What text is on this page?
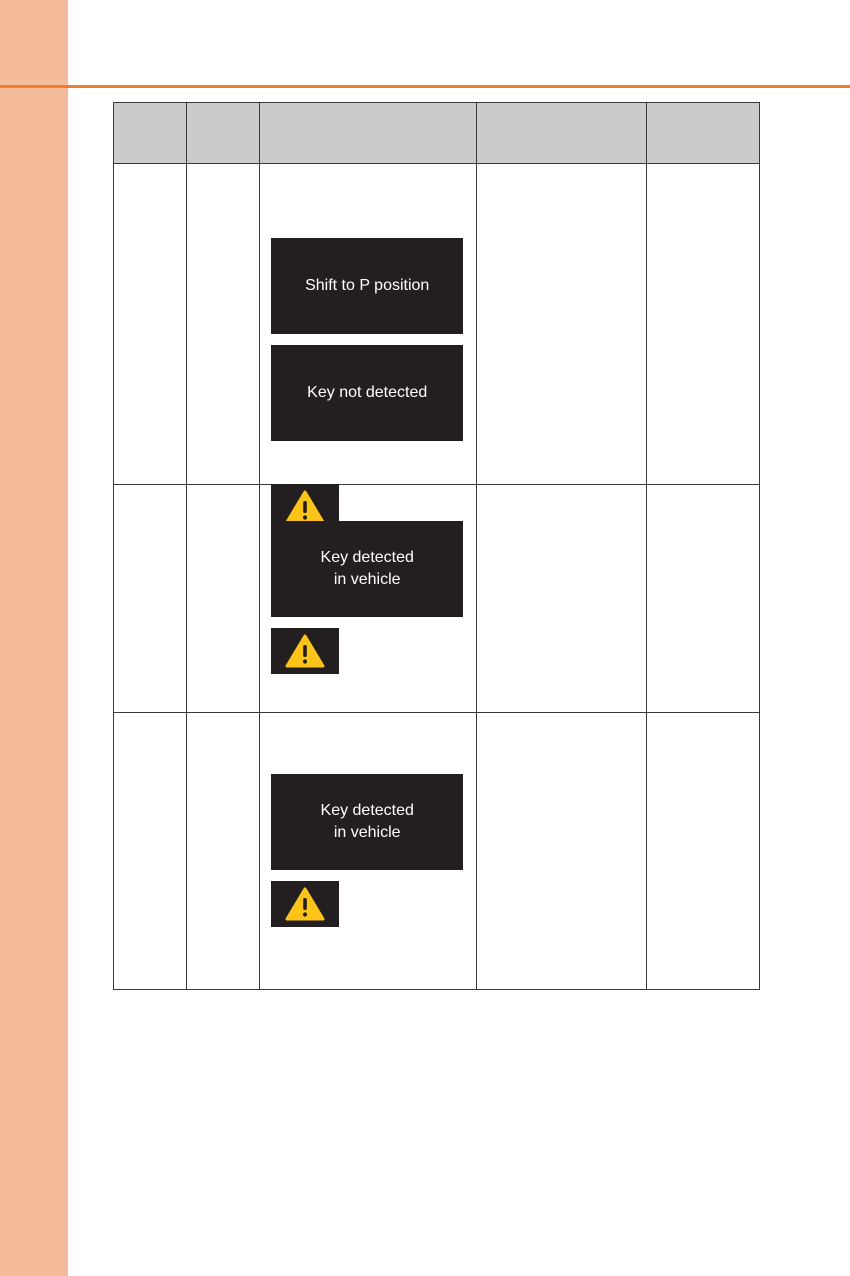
Shift to P position
Key not detected		

Key detected
in vehicle		

Key detected
in vehicle		
